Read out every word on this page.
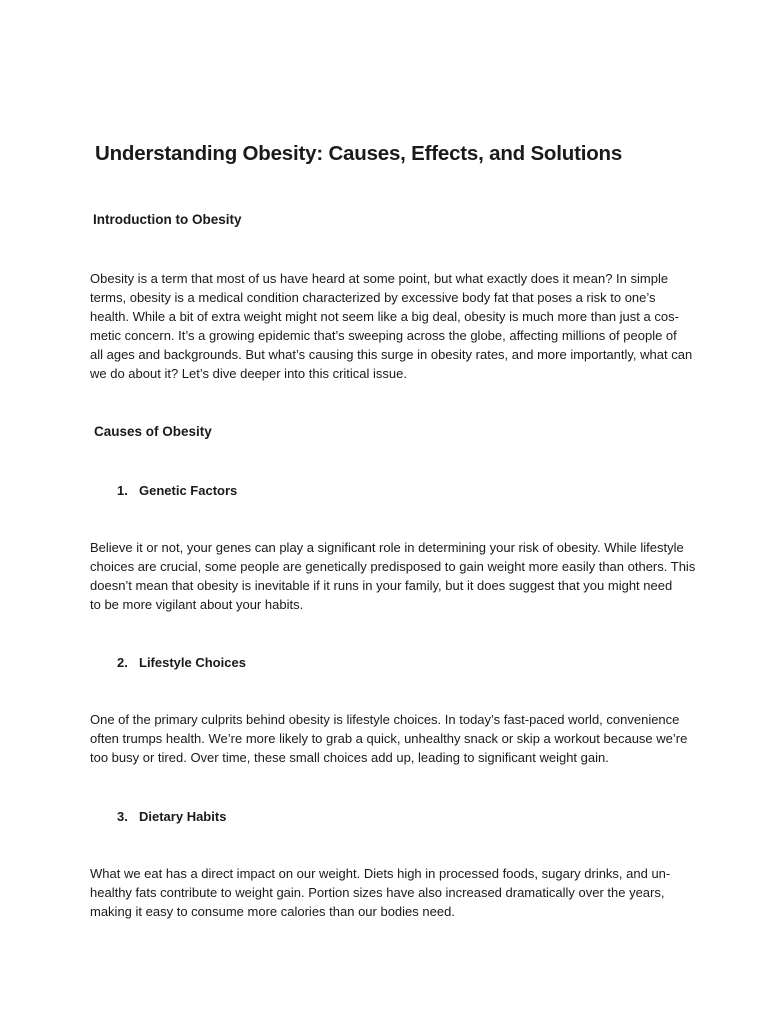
Understanding Obesity: Causes, Effects, and Solutions
Introduction to Obesity

Obesity is a term that most of us have heard at some point, but what exactly does it mean? In simple
terms, obesity is a medical condition characterized by excessive body fat that poses a risk to one’s
health. While a bit of extra weight might not seem like a big deal, obesity is much more than just a cos-
metic concern. It’s a growing epidemic that’s sweeping across the globe, affecting millions of people of
all ages and backgrounds. But what’s causing this surge in obesity rates, and more importantly, what can
we do about it? Let’s dive deeper into this critical issue.

Causes of Obesity
1. Genetic Factors

Believe it or not, your genes can play a significant role in determining your risk of obesity. While lifestyle
choices are crucial, some people are genetically predisposed to gain weight more easily than others. This
doesn’t mean that obesity is inevitable if it runs in your family, but it does suggest that you might need
to be more vigilant about your habits.

2. Lifestyle Choices

One of the primary culprits behind obesity is lifestyle choices. In today’s fast-paced world, convenience
often trumps health. We’re more likely to grab a quick, unhealthy snack or skip a workout because we’re
too busy or tired. Over time, these small choices add up, leading to significant weight gain.

3. Dietary Habits

What we eat has a direct impact on our weight. Diets high in processed foods, sugary drinks, and un-
healthy fats contribute to weight gain. Portion sizes have also increased dramatically over the years,
making it easy to consume more calories than our bodies need.
